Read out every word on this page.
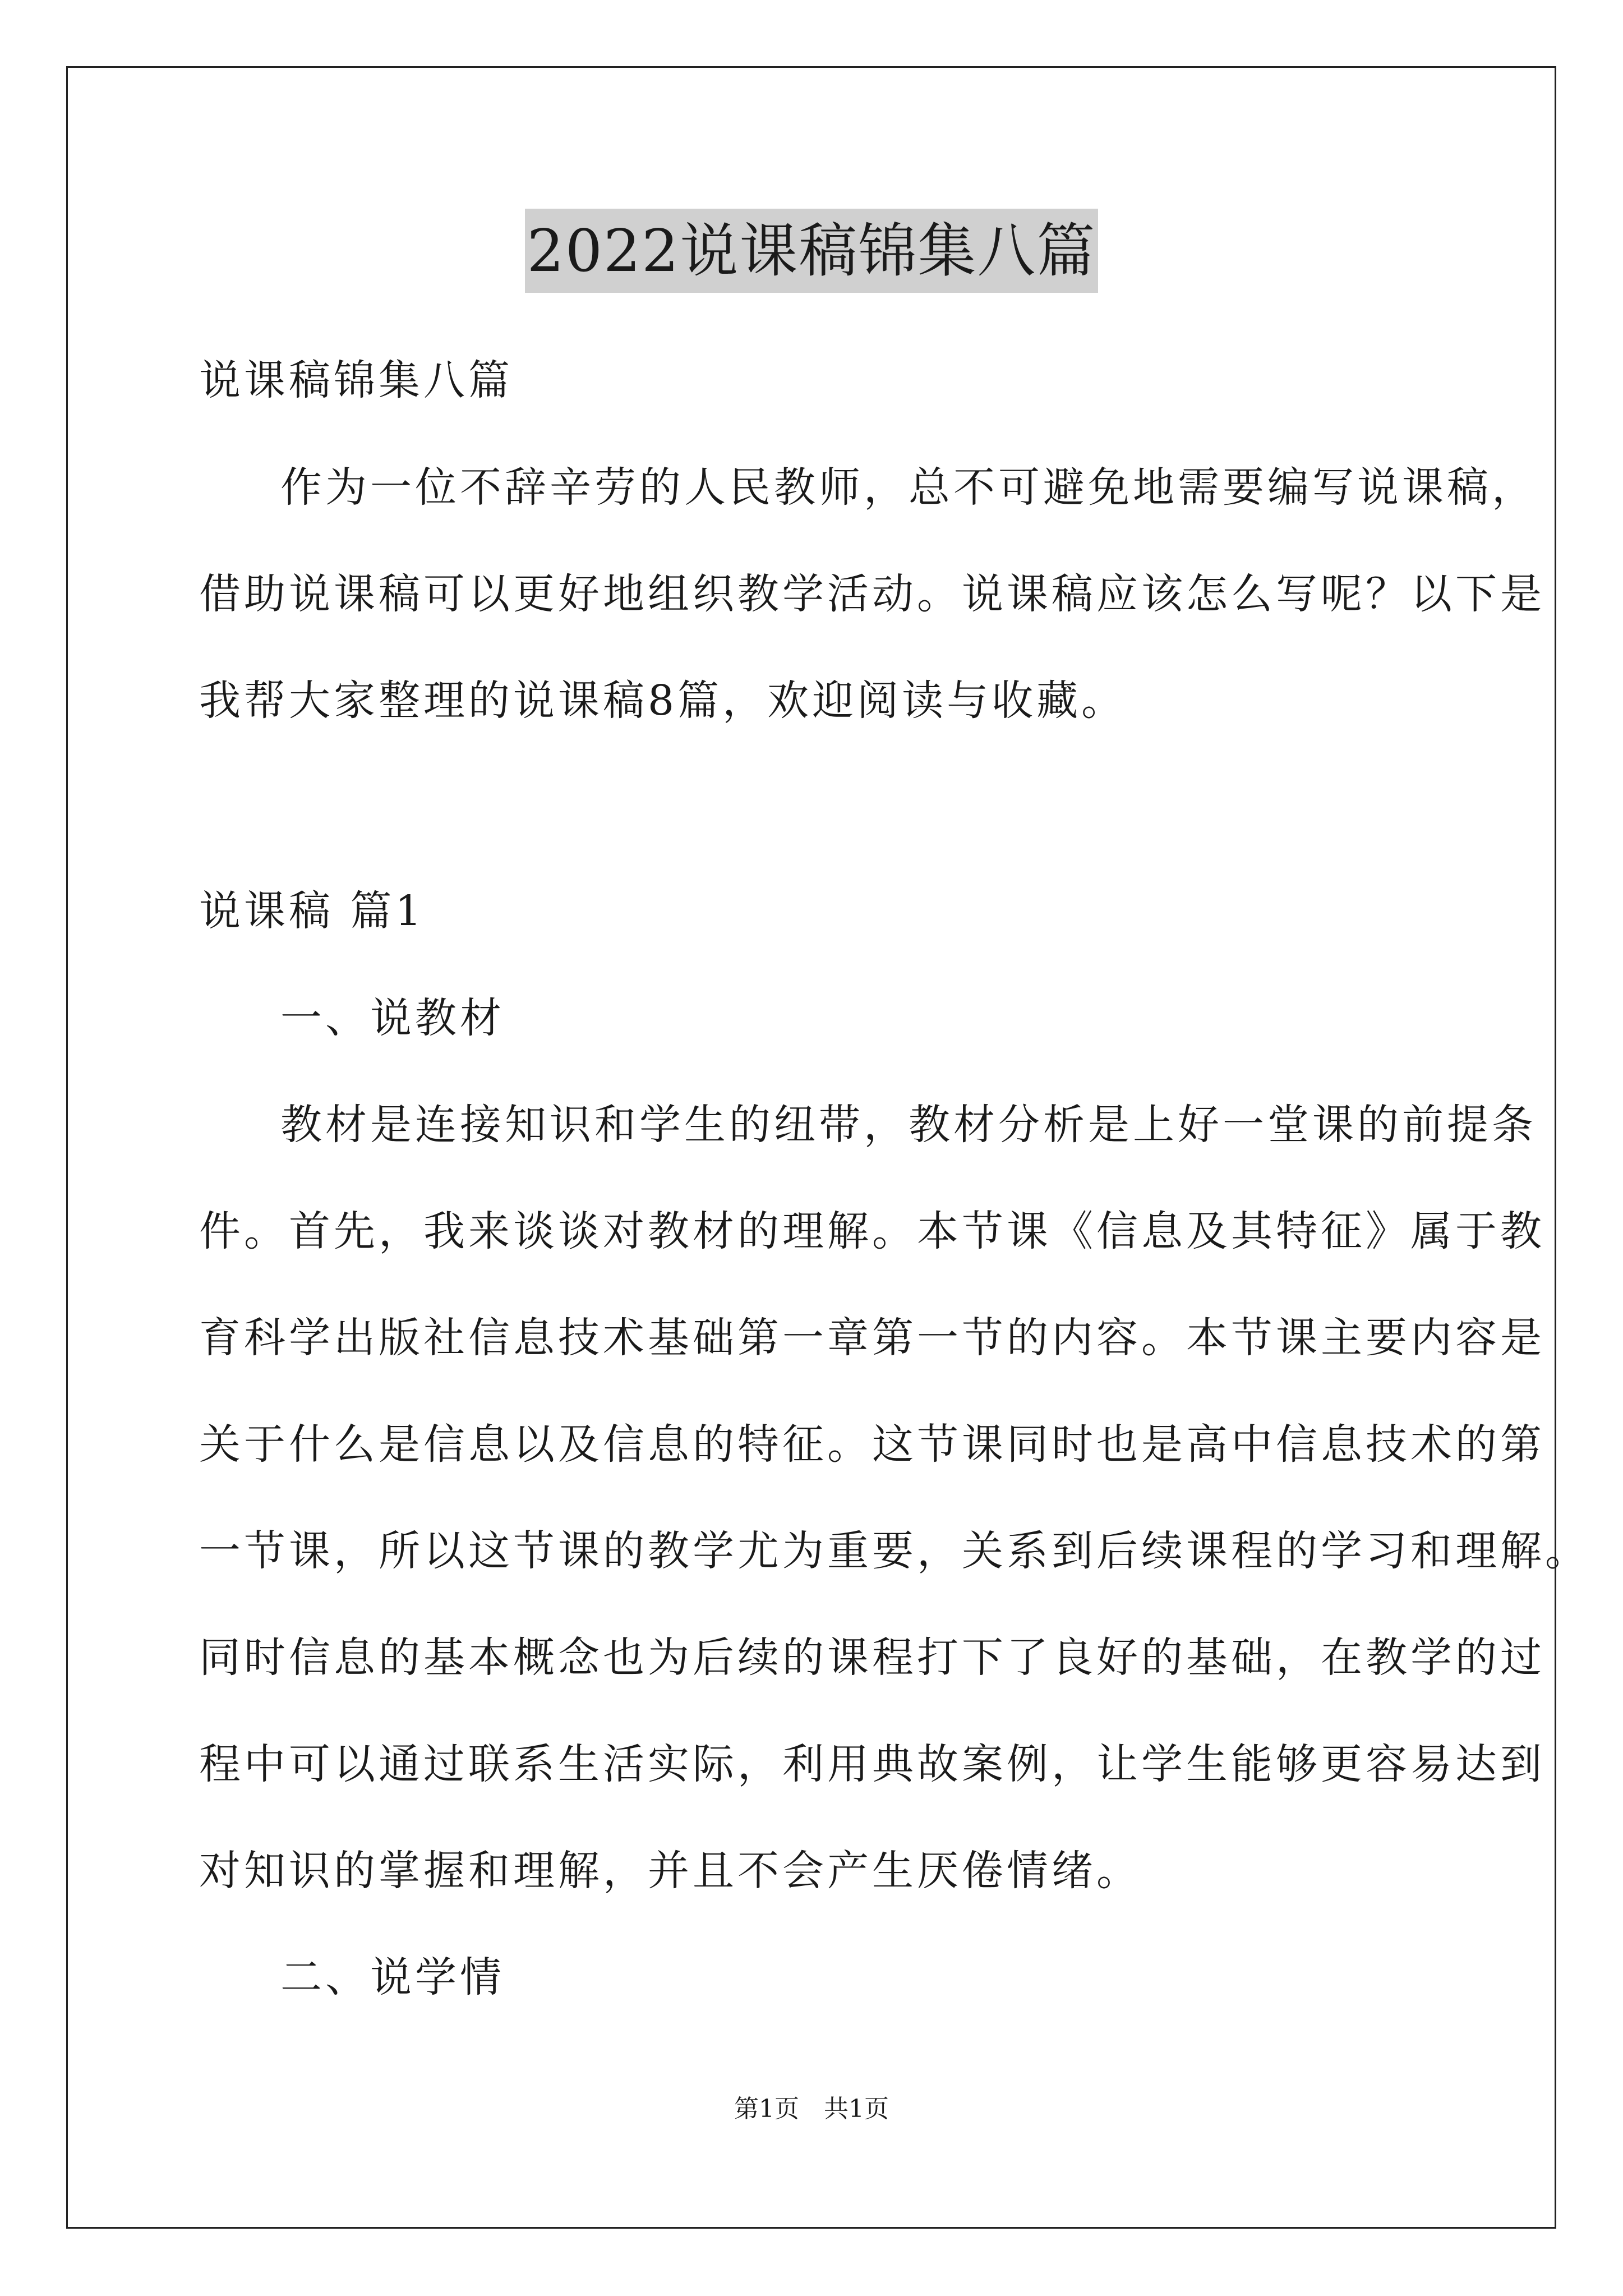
2022说课稿锦集八篇
说课稿锦集八篇
作为一位不辞辛劳的人民教师，总不可避免地需要编写说课稿，
借助说课稿可以更好地组织教学活动。说课稿应该怎么写呢？以下是
我帮大家整理的说课稿8篇，欢迎阅读与收藏。
说课稿 篇1
一、说教材
教材是连接知识和学生的纽带，教材分析是上好一堂课的前提条
件。首先，我来谈谈对教材的理解。本节课《信息及其特征》属于教
育科学出版社信息技术基础第一章第一节的内容。本节课主要内容是
关于什么是信息以及信息的特征。这节课同时也是高中信息技术的第
一节课，所以这节课的教学尤为重要，关系到后续课程的学习和理解。
同时信息的基本概念也为后续的课程打下了良好的基础，在教学的过
程中可以通过联系生活实际，利用典故案例，让学生能够更容易达到
对知识的掌握和理解，并且不会产生厌倦情绪。
二、说学情
第1页　共1页
